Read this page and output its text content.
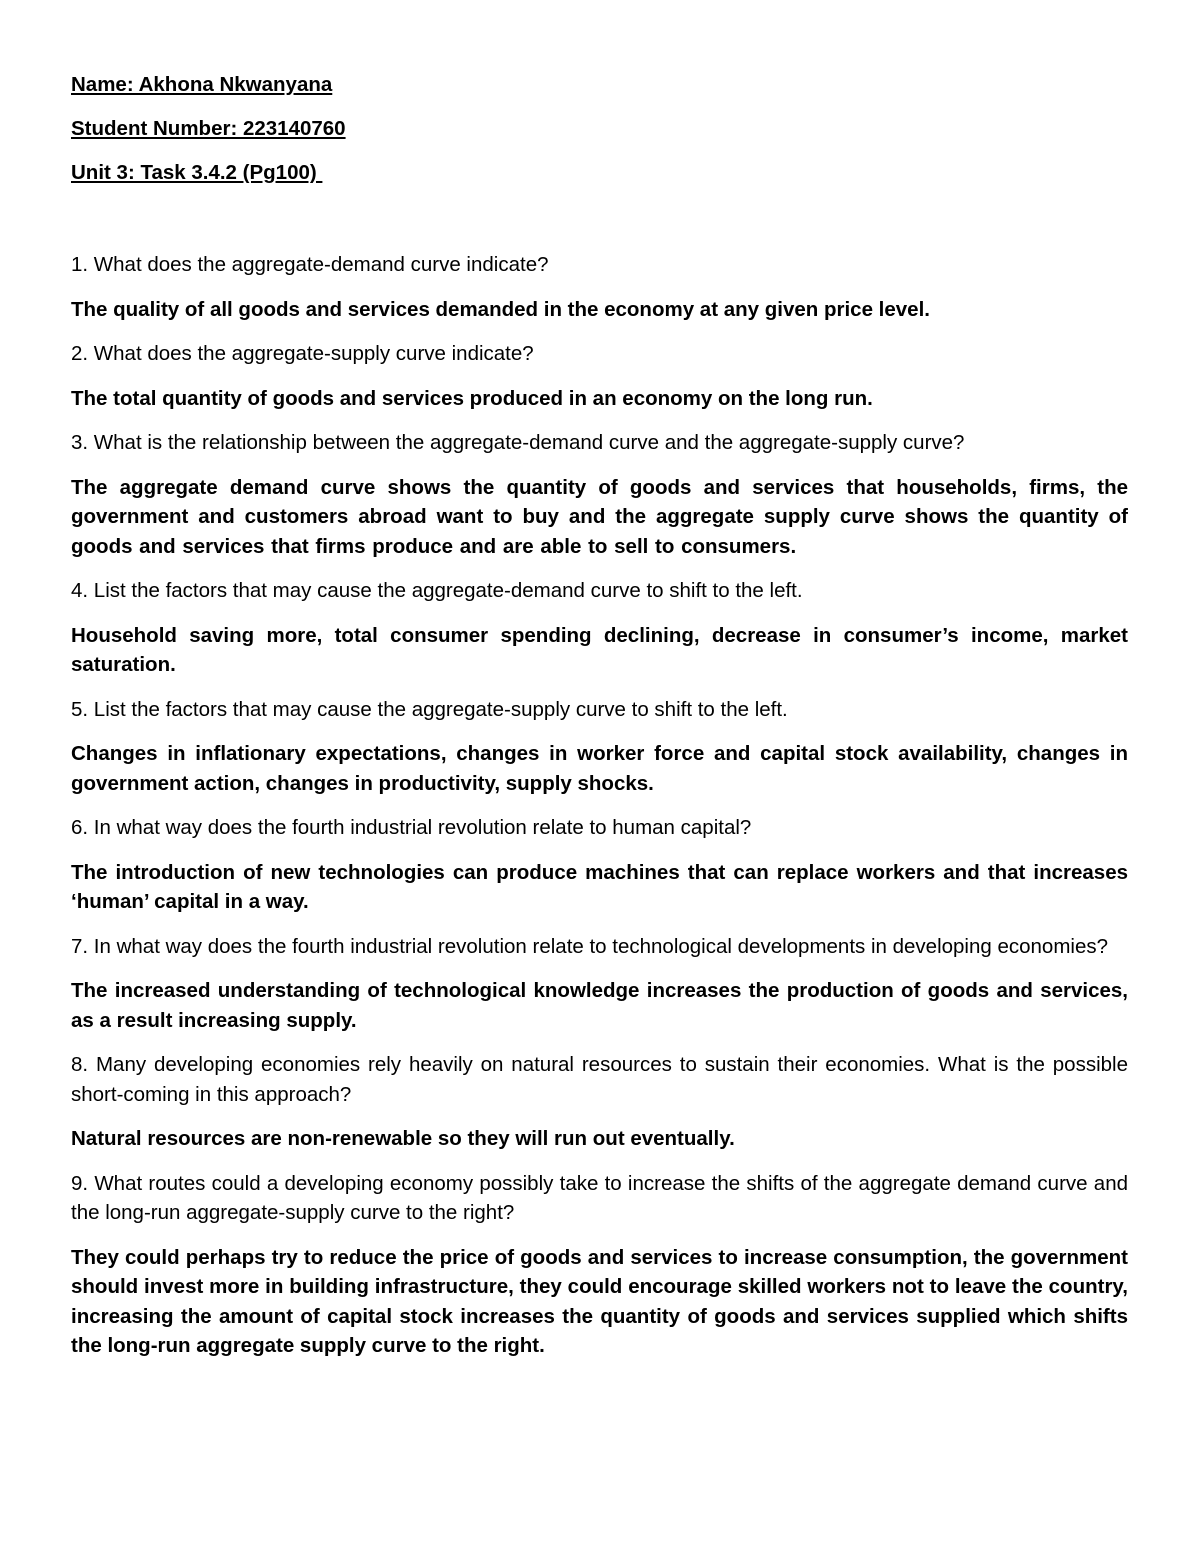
Name: Akhona Nkwanyana
Student Number: 223140760
Unit 3: Task 3.4.2 (Pg100)
1. What does the aggregate-demand curve indicate?
The quality of all goods and services demanded in the economy at any given price level.
2. What does the aggregate-supply curve indicate?
The total quantity of goods and services produced in an economy on the long run.
3. What is the relationship between the aggregate-demand curve and the aggregate-supply curve?
The aggregate demand curve shows the quantity of goods and services that households, firms, the government and customers abroad want to buy and the aggregate supply curve shows the quantity of goods and services that firms produce and are able to sell to consumers.
4. List the factors that may cause the aggregate-demand curve to shift to the left.
Household saving more, total consumer spending declining, decrease in consumer’s income, market saturation.
5. List the factors that may cause the aggregate-supply curve to shift to the left.
Changes in inflationary expectations, changes in worker force and capital stock availability, changes in government action, changes in productivity, supply shocks.
6. In what way does the fourth industrial revolution relate to human capital?
The introduction of new technologies can produce machines that can replace workers and that increases ‘human’ capital in a way.
7. In what way does the fourth industrial revolution relate to technological developments in developing economies?
The increased understanding of technological knowledge increases the production of goods and services, as a result increasing supply.
8. Many developing economies rely heavily on natural resources to sustain their economies. What is the possible short-coming in this approach?
Natural resources are non-renewable so they will run out eventually.
9. What routes could a developing economy possibly take to increase the shifts of the aggregate demand curve and the long-run aggregate-supply curve to the right?
They could perhaps try to reduce the price of goods and services to increase consumption, the government should invest more in building infrastructure, they could encourage skilled workers not to leave the country, increasing the amount of capital stock increases the quantity of goods and services supplied which shifts the long-run aggregate supply curve to the right.
